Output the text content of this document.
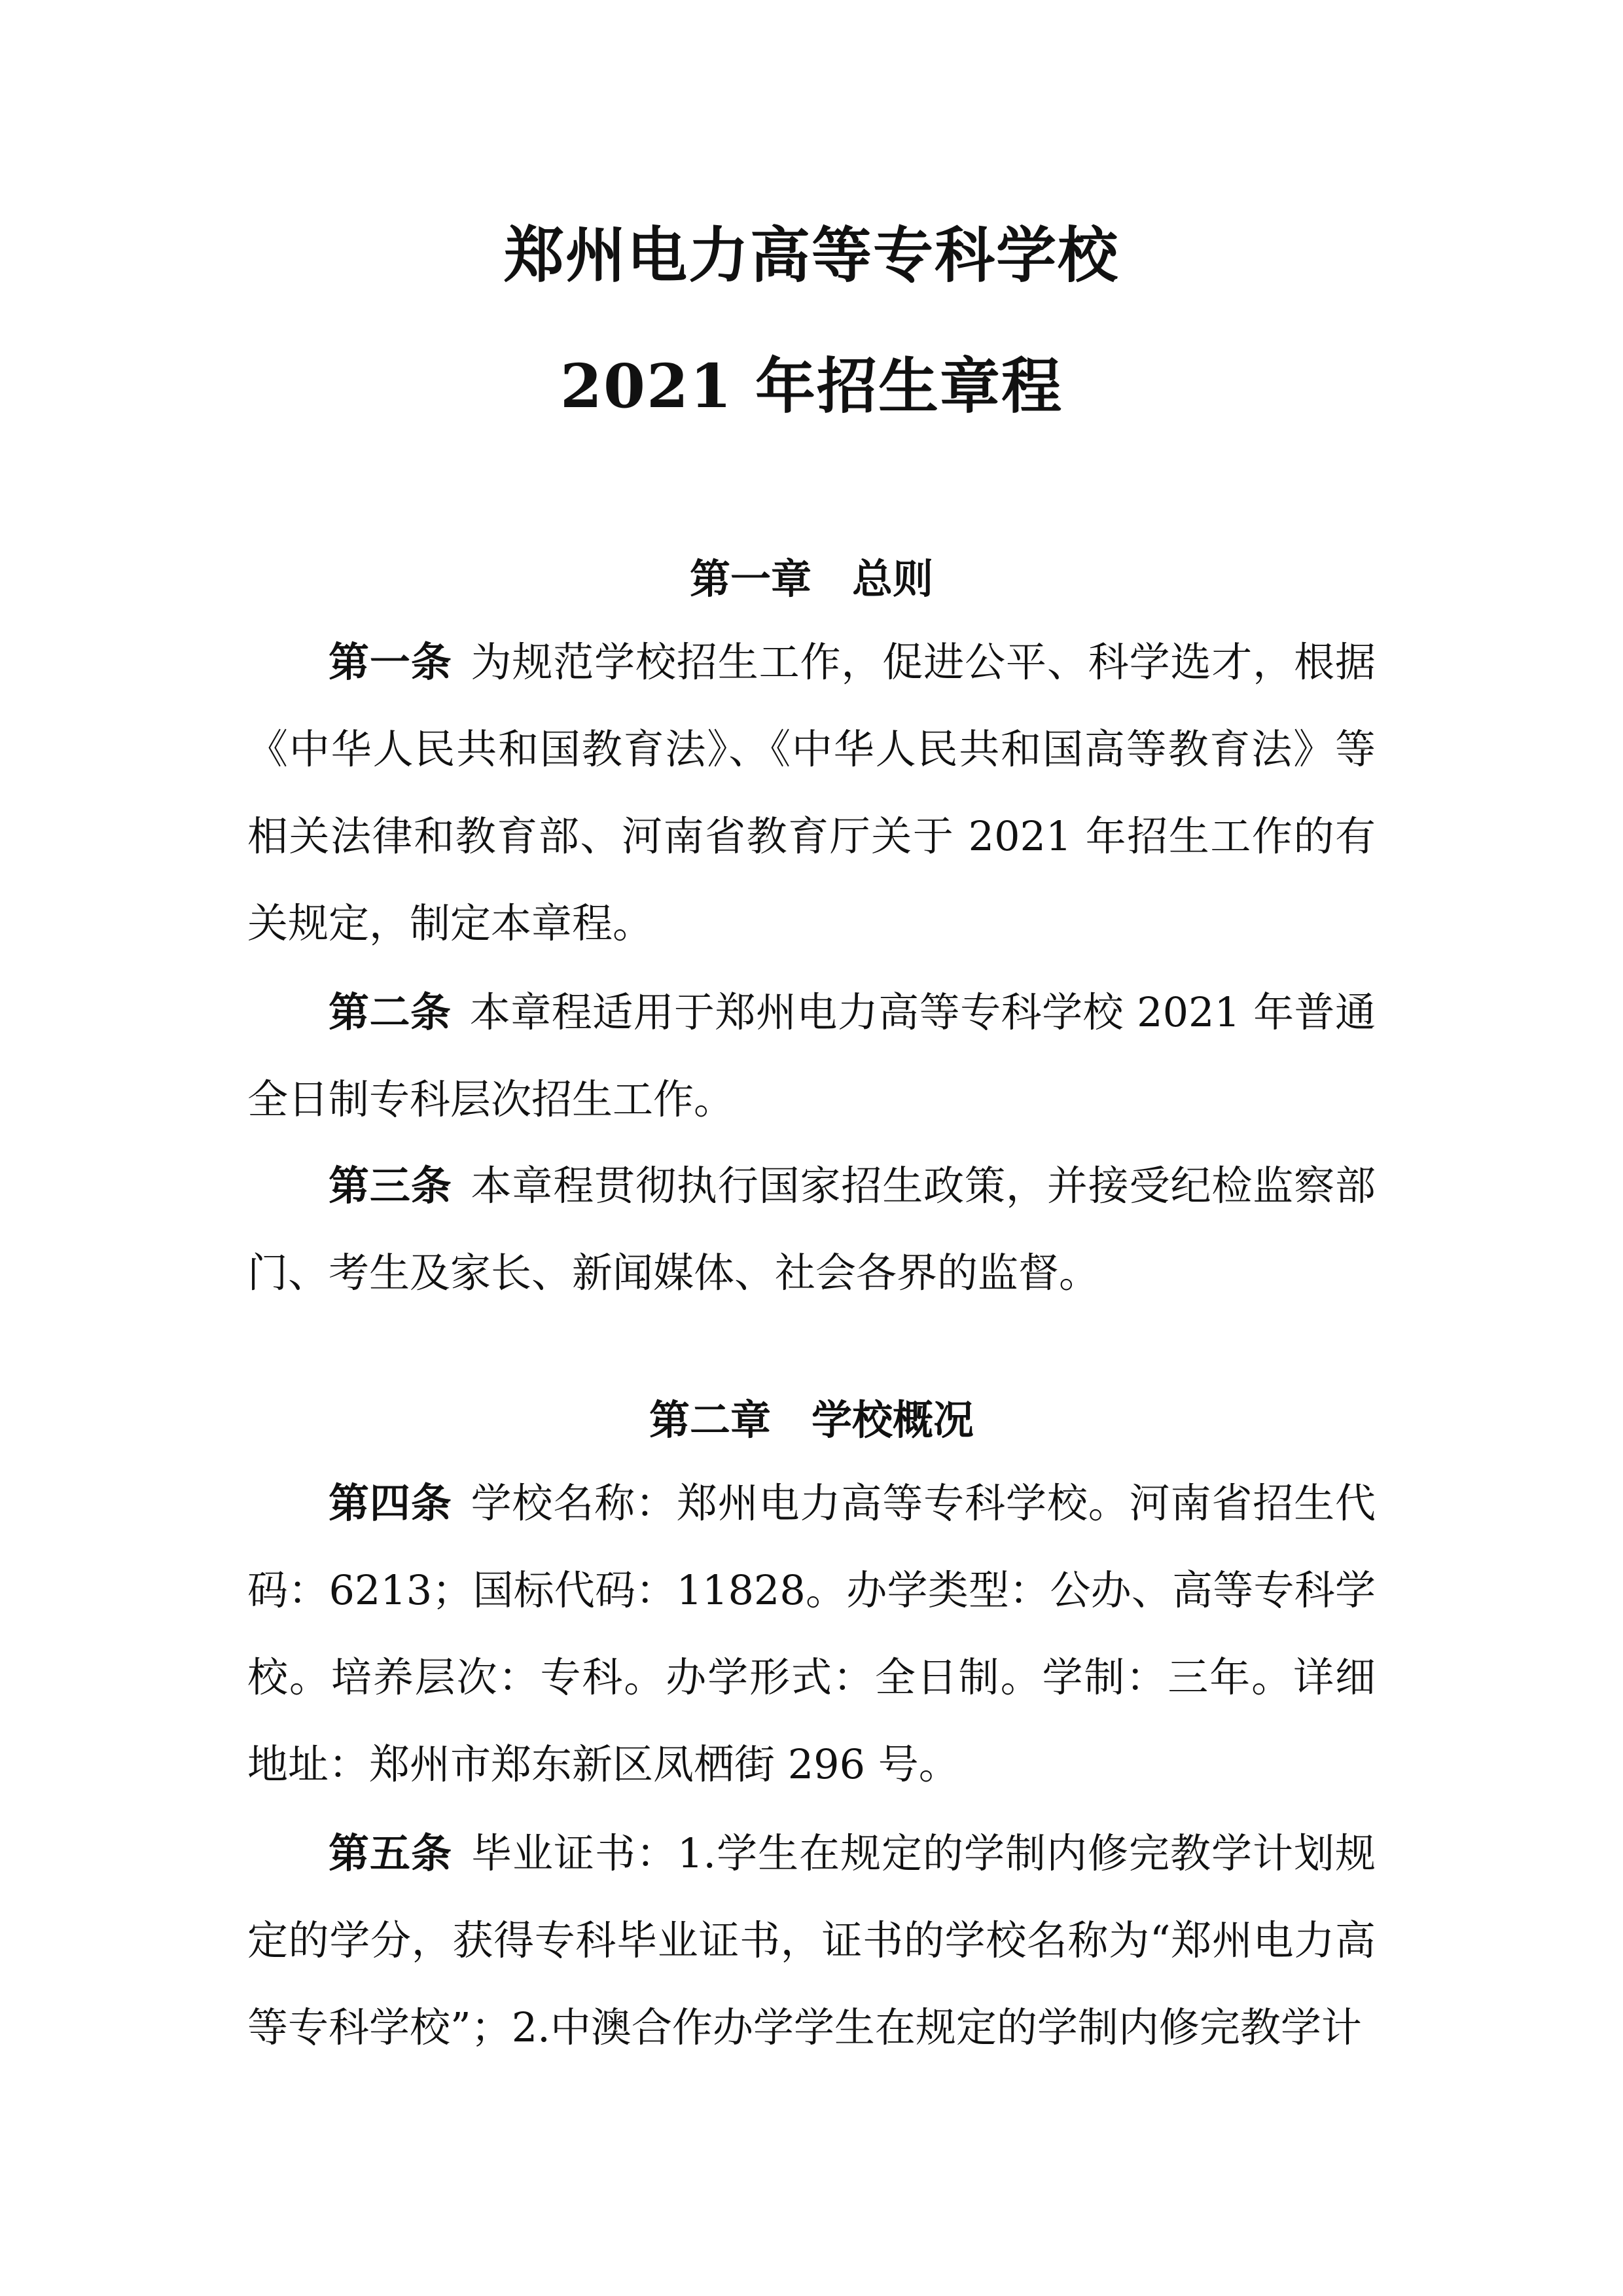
郑州电力高等专科学校
2021 年招生章程
第一章 总则
第一条 为规范学校招生工作，促进公平、科学选才，根据《中华人民共和国教育法》、《中华人民共和国高等教育法》等相关法律和教育部、河南省教育厅关于 2021 年招生工作的有关规定，制定本章程。
第二条 本章程适用于郑州电力高等专科学校 2021 年普通全日制专科层次招生工作。
第三条 本章程贯彻执行国家招生政策，并接受纪检监察部门、考生及家长、新闻媒体、社会各界的监督。
第二章 学校概况
第四条 学校名称：郑州电力高等专科学校。河南省招生代码：6213；国标代码：11828。办学类型：公办、高等专科学校。培养层次：专科。办学形式：全日制。学制：三年。详细地址：郑州市郑东新区凤栖街 296 号。
第五条 毕业证书：1.学生在规定的学制内修完教学计划规定的学分，获得专科毕业证书，证书的学校名称为“郑州电力高等专科学校”；2.中澳合作办学学生在规定的学制内修完教学计
